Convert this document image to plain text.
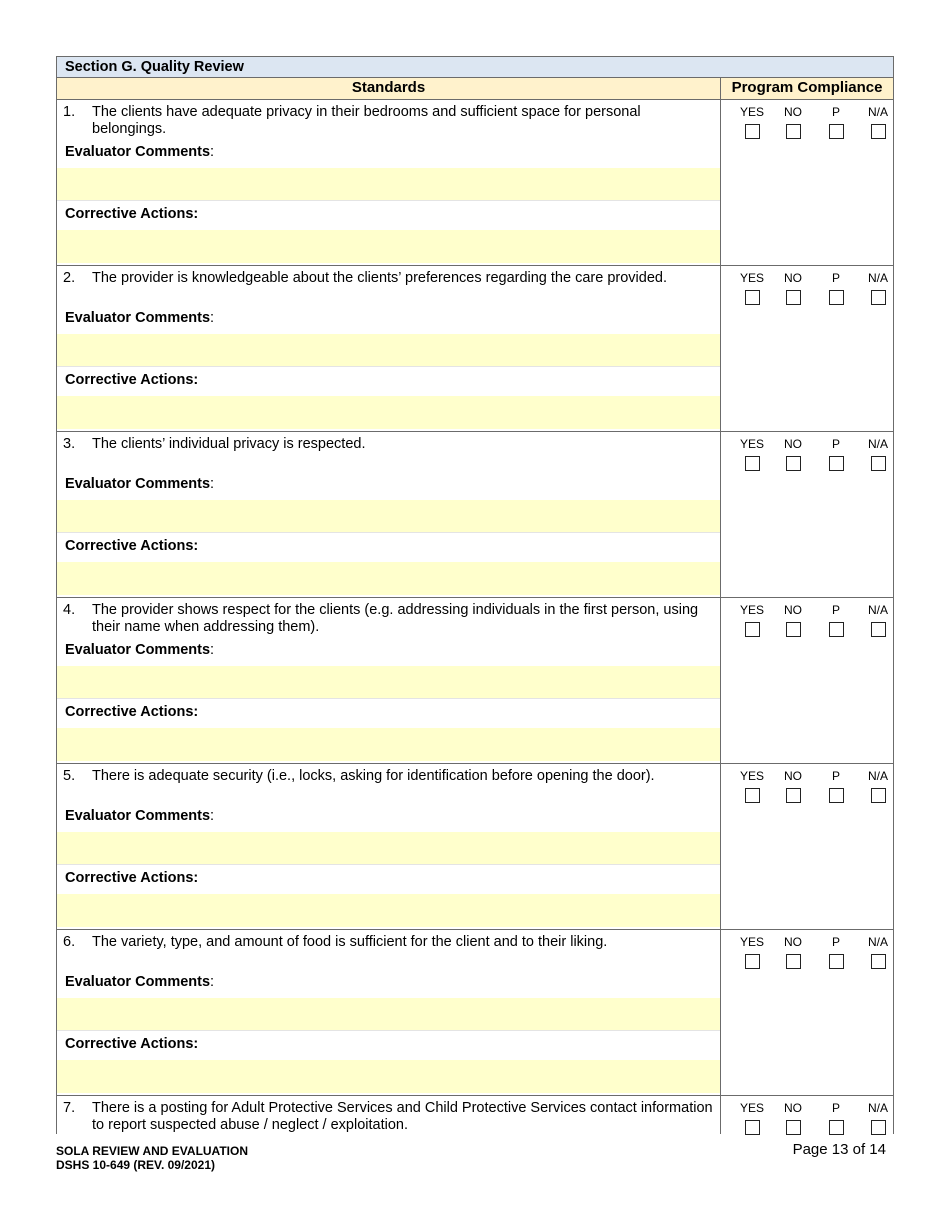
Section G. Quality Review
Standards	Program Compliance
1.	The clients have adequate privacy in their bedrooms and sufficient space for personal belongings.
Evaluator Comments:
Corrective Actions:
YES	NO	P	N/A
2.	The provider is knowledgeable about the clients’ preferences regarding the care provided.
Evaluator Comments:
Corrective Actions:
YES	NO	P	N/A
3.	The clients’ individual privacy is respected.
Evaluator Comments:
Corrective Actions:
YES	NO	P	N/A
4.	The provider shows respect for the clients (e.g. addressing individuals in the first person, using their name when addressing them).
Evaluator Comments:
Corrective Actions:
YES	NO	P	N/A
5.	There is adequate security (i.e., locks, asking for identification before opening the door).
Evaluator Comments:
Corrective Actions:
YES	NO	P	N/A
6.	The variety, type, and amount of food is sufficient for the client and to their liking.
Evaluator Comments:
Corrective Actions:
YES	NO	P	N/A
7.	There is a posting for Adult Protective Services and Child Protective Services contact information to report suspected abuse / neglect / exploitation.
YES	NO	P	N/A
SOLA REVIEW AND EVALUATION
DSHS 10-649 (REV. 09/2021)
Page 13 of 14
